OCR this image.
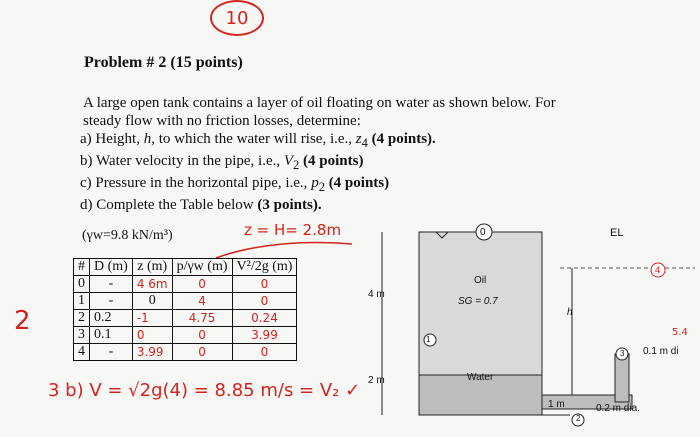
10
2
Problem # 2 (15 points)
A large open tank contains a layer of oil floating on water as shown below. For
steady flow with no friction losses, determine:
a) Height, h, to which the water will rise, i.e., $z_4$ (4 points).
b) Water velocity in the pipe, i.e., $V_2$ (4 points)
c) Pressure in the horizontal pipe, i.e., $p_2$ (4 points)
d) Complete the Table below (3 points).
(γw=9.8 kN/m³)	z = H= 2.8m
#	D (m)	z (m)	p/γw (m)	V²/2g (m)
0	-	4 6m	0	0
1	-	0	4	0
2	0.2	-1	4.75	0.24
3	0.1	0	0	3.99
4	-	3.99	0	0
3 b) V = √2g(4) = 8.85 m/s = V₂ ✓
0	EL
Oil
SG = 0.7
Water
4 m
2 m
h
1 m
1
2
3
4
0.2 m dia.
0.1 m di
5.4
